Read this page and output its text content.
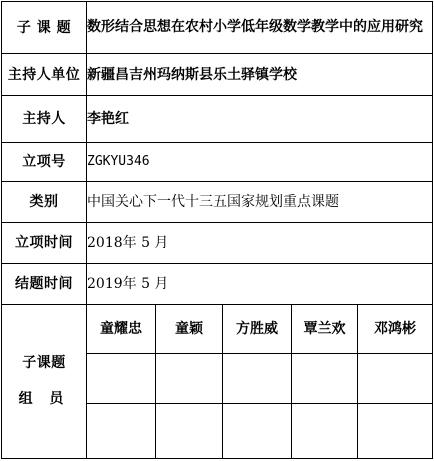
子 课 题	数形结合思想在农村小学低年级数学教学中的应用研究				

主持人单位	新疆昌吉州玛纳斯县乐土驿镇学校				
主持人	李艳红				
立项号	ZGKYU346				
类别	中国关心下一代十三五国家规划重点课题				
立项时间	2018年 5 月				
结题时间	2019年 5 月				

子课题
组 员	童耀忠	童颖	方胜威	覃兰欢	邓鸿彬
